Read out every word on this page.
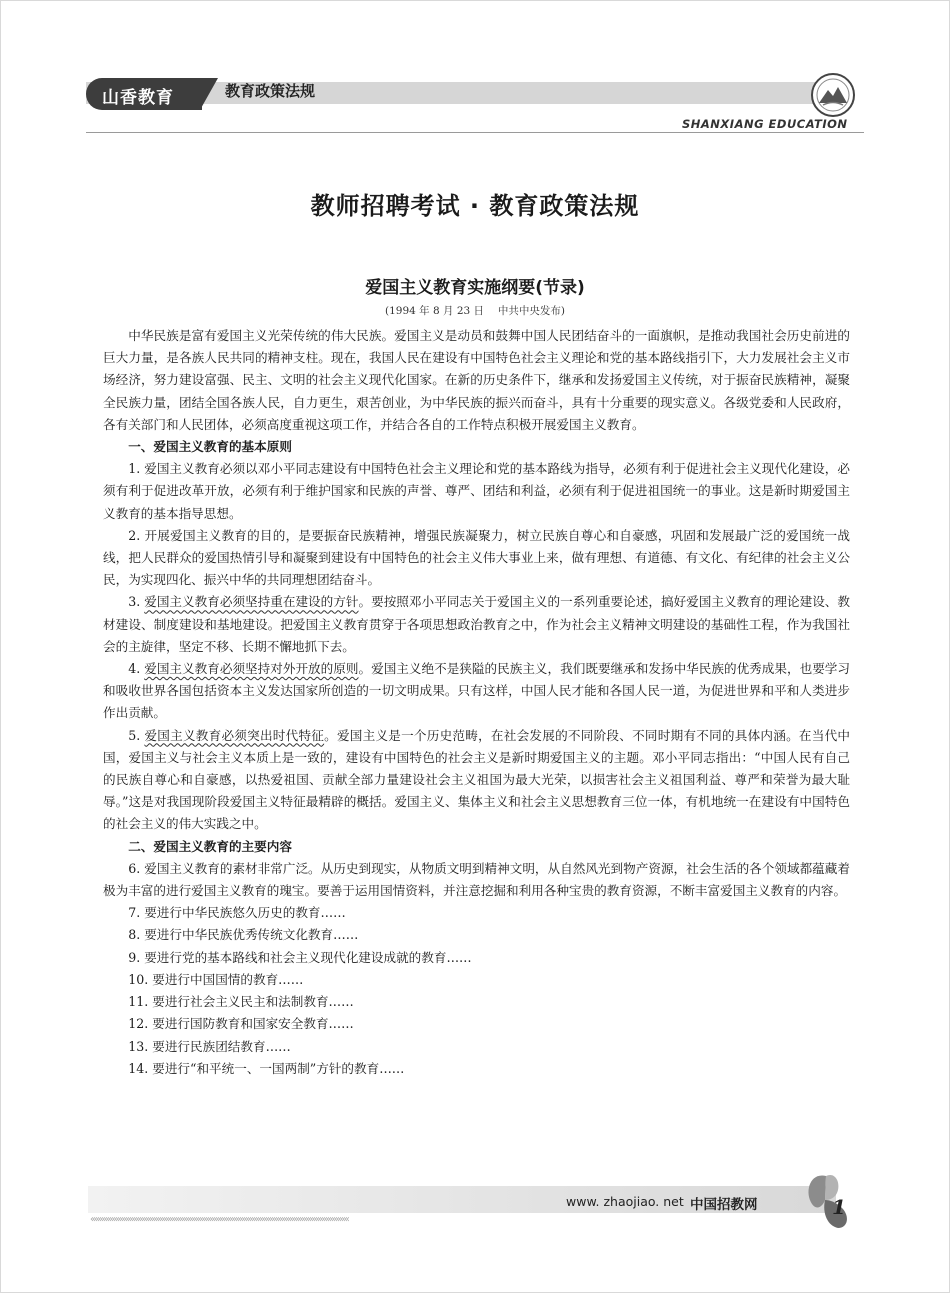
山香教育	教育政策法规
SHANXIANG EDUCATION
教师招聘考试 · 教育政策法规
爱国主义教育实施纲要(节录)
(1994 年 8 月 23 日　 中共中央发布)

中华民族是富有爱国主义光荣传统的伟大民族。爱国主义是动员和鼓舞中国人民团结奋斗的一面旗帜，是推动我国社会历史前进的巨大力量，是各族人民共同的精神支柱。现在，我国人民在建设有中国特色社会主义理论和党的基本路线指引下，大力发展社会主义市场经济，努力建设富强、民主、文明的社会主义现代化国家。在新的历史条件下，继承和发扬爱国主义传统，对于振奋民族精神，凝聚全民族力量，团结全国各族人民，自力更生，艰苦创业，为中华民族的振兴而奋斗，具有十分重要的现实意义。各级党委和人民政府，各有关部门和人民团体，必须高度重视这项工作，并结合各自的工作特点积极开展爱国主义教育。

一、爱国主义教育的基本原则

1. 爱国主义教育必须以邓小平同志建设有中国特色社会主义理论和党的基本路线为指导，必须有利于促进社会主义现代化建设，必须有利于促进改革开放，必须有利于维护国家和民族的声誉、尊严、团结和利益，必须有利于促进祖国统一的事业。这是新时期爱国主义教育的基本指导思想。

2. 开展爱国主义教育的目的，是要振奋民族精神，增强民族凝聚力，树立民族自尊心和自豪感，巩固和发展最广泛的爱国统一战线，把人民群众的爱国热情引导和凝聚到建设有中国特色的社会主义伟大事业上来，做有理想、有道德、有文化、有纪律的社会主义公民，为实现四化、振兴中华的共同理想团结奋斗。

3. 爱国主义教育必须坚持重在建设的方针。要按照邓小平同志关于爱国主义的一系列重要论述，搞好爱国主义教育的理论建设、教材建设、制度建设和基地建设。把爱国主义教育贯穿于各项思想政治教育之中，作为社会主义精神文明建设的基础性工程，作为我国社会的主旋律，坚定不移、长期不懈地抓下去。

4. 爱国主义教育必须坚持对外开放的原则。爱国主义绝不是狭隘的民族主义，我们既要继承和发扬中华民族的优秀成果，也要学习和吸收世界各国包括资本主义发达国家所创造的一切文明成果。只有这样，中国人民才能和各国人民一道，为促进世界和平和人类进步作出贡献。

5. 爱国主义教育必须突出时代特征。爱国主义是一个历史范畴，在社会发展的不同阶段、不同时期有不同的具体内涵。在当代中国，爱国主义与社会主义本质上是一致的，建设有中国特色的社会主义是新时期爱国主义的主题。邓小平同志指出：“中国人民有自己的民族自尊心和自豪感，以热爱祖国、贡献全部力量建设社会主义祖国为最大光荣，以损害社会主义祖国利益、尊严和荣誉为最大耻辱。”这是对我国现阶段爱国主义特征最精辟的概括。爱国主义、集体主义和社会主义思想教育三位一体，有机地统一在建设有中国特色的社会主义的伟大实践之中。

二、爱国主义教育的主要内容

6. 爱国主义教育的素材非常广泛。从历史到现实，从物质文明到精神文明，从自然风光到物产资源，社会生活的各个领域都蕴藏着极为丰富的进行爱国主义教育的瑰宝。要善于运用国情资料，并注意挖掘和利用各种宝贵的教育资源，不断丰富爱国主义教育的内容。

7. 要进行中华民族悠久历史的教育……

8. 要进行中华民族优秀传统文化教育……

9. 要进行党的基本路线和社会主义现代化建设成就的教育……

10. 要进行中国国情的教育……

11. 要进行社会主义民主和法制教育……

12. 要进行国防教育和国家安全教育……

13. 要进行民族团结教育……

14. 要进行“和平统一、一国两制”方针的教育……

‹‹‹‹‹‹‹‹‹‹‹‹‹‹‹‹‹‹‹‹‹‹‹‹‹‹‹‹‹‹‹‹‹‹‹‹‹‹‹‹‹‹‹‹‹‹‹‹‹‹‹‹‹‹‹‹‹‹‹‹‹‹‹‹‹‹‹‹‹‹‹‹‹‹‹‹‹‹‹‹‹‹‹‹‹‹‹‹‹‹‹‹‹‹‹‹‹‹‹‹‹‹‹‹‹‹‹‹‹‹‹‹‹‹‹‹‹‹‹‹‹‹‹‹‹‹‹‹‹
www. zhaojiao. net 中国招教网	1
